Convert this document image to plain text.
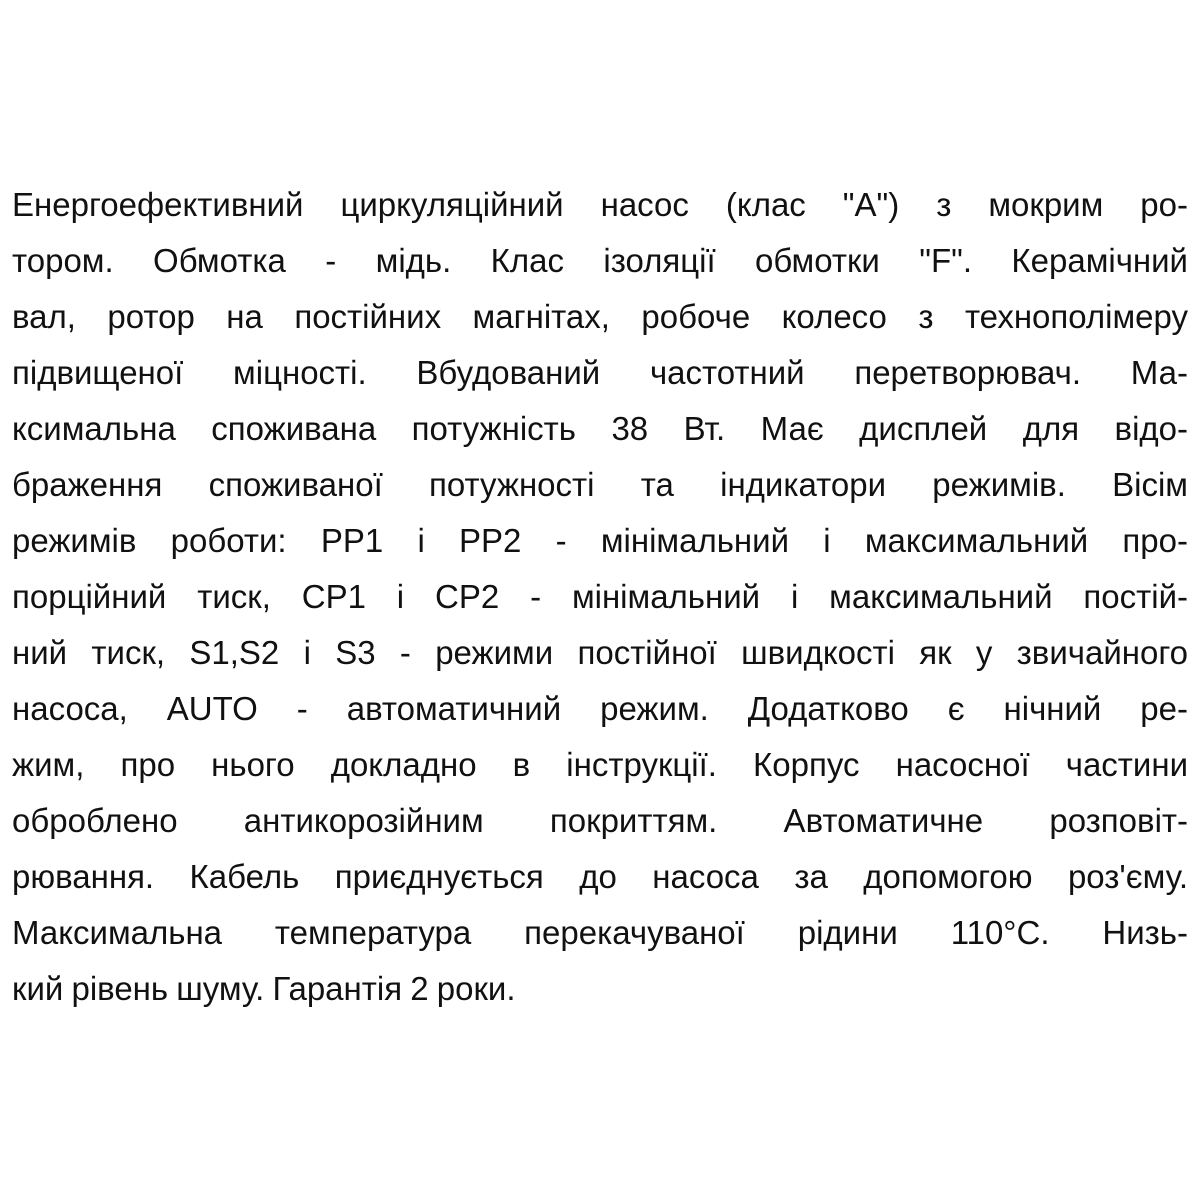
Енергоефективний циркуляційний насос (клас "A") з мокрим ро-
тором. Обмотка - мідь. Клас ізоляції обмотки "F". Керамічний
вал, ротор на постійних магнітах, робоче колесо з технополімеру
підвищеної міцності. Вбудований частотний перетворювач. Ма-
ксимальна споживана потужність 38 Вт. Має дисплей для відо-
браження споживаної потужності та індикатори режимів. Вісім
режимів роботи: PP1 і PP2 - мінімальний і максимальний про-
порційний тиск, CP1 і CP2 - мінімальний і максимальний постій-
ний тиск, S1,S2 і S3 - режими постійної швидкості як у звичайного
насоса, AUTO - автоматичний режим. Додатково є нічний ре-
жим, про нього докладно в інструкції. Корпус насосної частини
оброблено антикорозійним покриттям. Автоматичне розповіт-
рювання. Кабель приєднується до насоса за допомогою роз'єму.
Максимальна температура перекачуваної рідини 110°C. Низь-
кий рівень шуму. Гарантія 2 роки.
